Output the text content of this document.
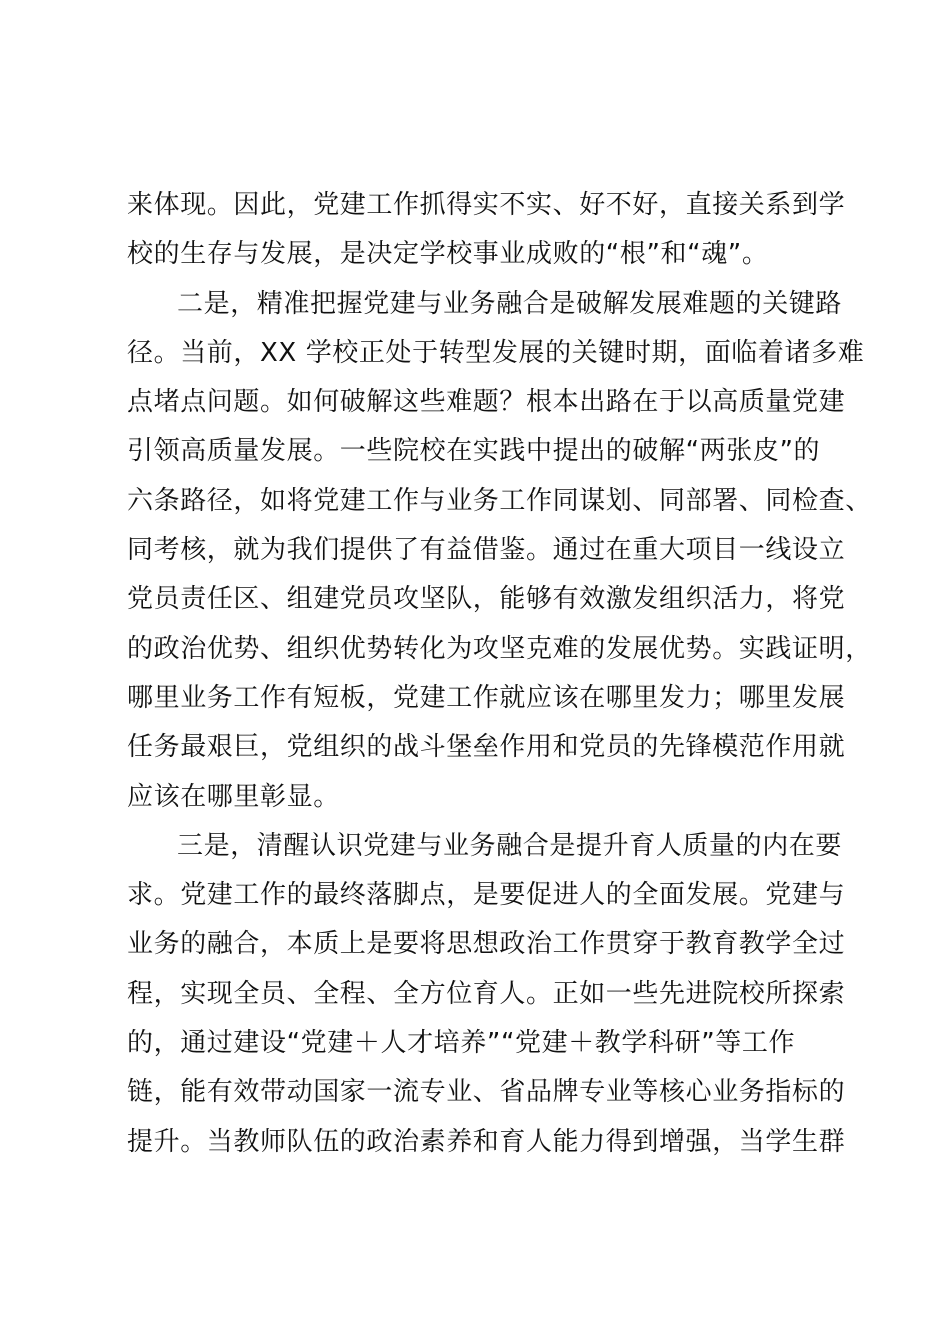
来体现。因此，党建工作抓得实不实、好不好，直接关系到学
校的生存与发展，是决定学校事业成败的“根”和“魂”。
二是，精准把握党建与业务融合是破解发展难题的关键路
径。当前，XX 学校正处于转型发展的关键时期，面临着诸多难
点堵点问题。如何破解这些难题？根本出路在于以高质量党建
引领高质量发展。一些院校在实践中提出的破解“两张皮”的
六条路径，如将党建工作与业务工作同谋划、同部署、同检查、
同考核，就为我们提供了有益借鉴。通过在重大项目一线设立
党员责任区、组建党员攻坚队，能够有效激发组织活力，将党
的政治优势、组织优势转化为攻坚克难的发展优势。实践证明，
哪里业务工作有短板，党建工作就应该在哪里发力；哪里发展
任务最艰巨，党组织的战斗堡垒作用和党员的先锋模范作用就
应该在哪里彰显。
三是，清醒认识党建与业务融合是提升育人质量的内在要
求。党建工作的最终落脚点，是要促进人的全面发展。党建与
业务的融合，本质上是要将思想政治工作贯穿于教育教学全过
程，实现全员、全程、全方位育人。正如一些先进院校所探索
的，通过建设“党建＋人才培养”“党建＋教学科研”等工作
链，能有效带动国家一流专业、省品牌专业等核心业务指标的
提升。当教师队伍的政治素养和育人能力得到增强，当学生群
